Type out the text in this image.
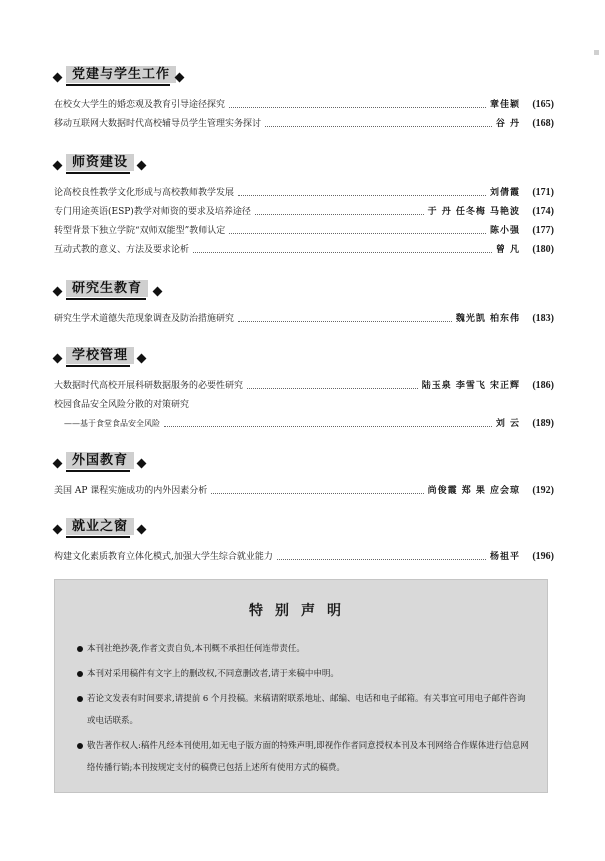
党建与学生工作
在校女大学生的婚恋观及教育引导途径探究	章佳颖	(165)
移动互联网大数据时代高校辅导员学生管理实务探讨	谷 丹	(168)
师资建设
论高校良性教学文化形成与高校教师教学发展	刘倩霞	(171)
专门用途英语(ESP)教学对师资的要求及培养途径	于 丹 任冬梅 马艳波	(174)
转型背景下独立学院“双师双能型”教师认定	陈小强	(177)
互动式教的意义、方法及要求论析	曾 凡	(180)
研究生教育
研究生学术道德失范现象调查及防治措施研究	魏光凯 柏东伟	(183)
学校管理
大数据时代高校开展科研数据服务的必要性研究	陆玉泉 李雪飞 宋正辉	(186)
校园食品安全风险分散的对策研究
——基于食堂食品安全风险	刘 云	(189)
外国教育
美国 AP 课程实施成功的内外因素分析	尚俊霞 郑 果 应会琼	(192)
就业之窗
构建文化素质教育立体化模式,加强大学生综合就业能力	杨祖平	(196)
特别声明
本刊社绝抄袭,作者文责自负,本刊概不承担任何连带责任。
本刊对采用稿件有文字上的删改权,不同意删改者,请于来稿中申明。
若论文发表有时间要求,请提前 6 个月投稿。来稿请附联系地址、邮编、电话和电子邮箱。有关事宜可用电子邮件咨询或电话联系。
敬告著作权人:稿件凡经本刊使用,如无电子版方面的特殊声明,即视作作者同意授权本刊及本刊网络合作媒体进行信息网络传播行销;本刊按规定支付的稿费已包括上述所有使用方式的稿费。
